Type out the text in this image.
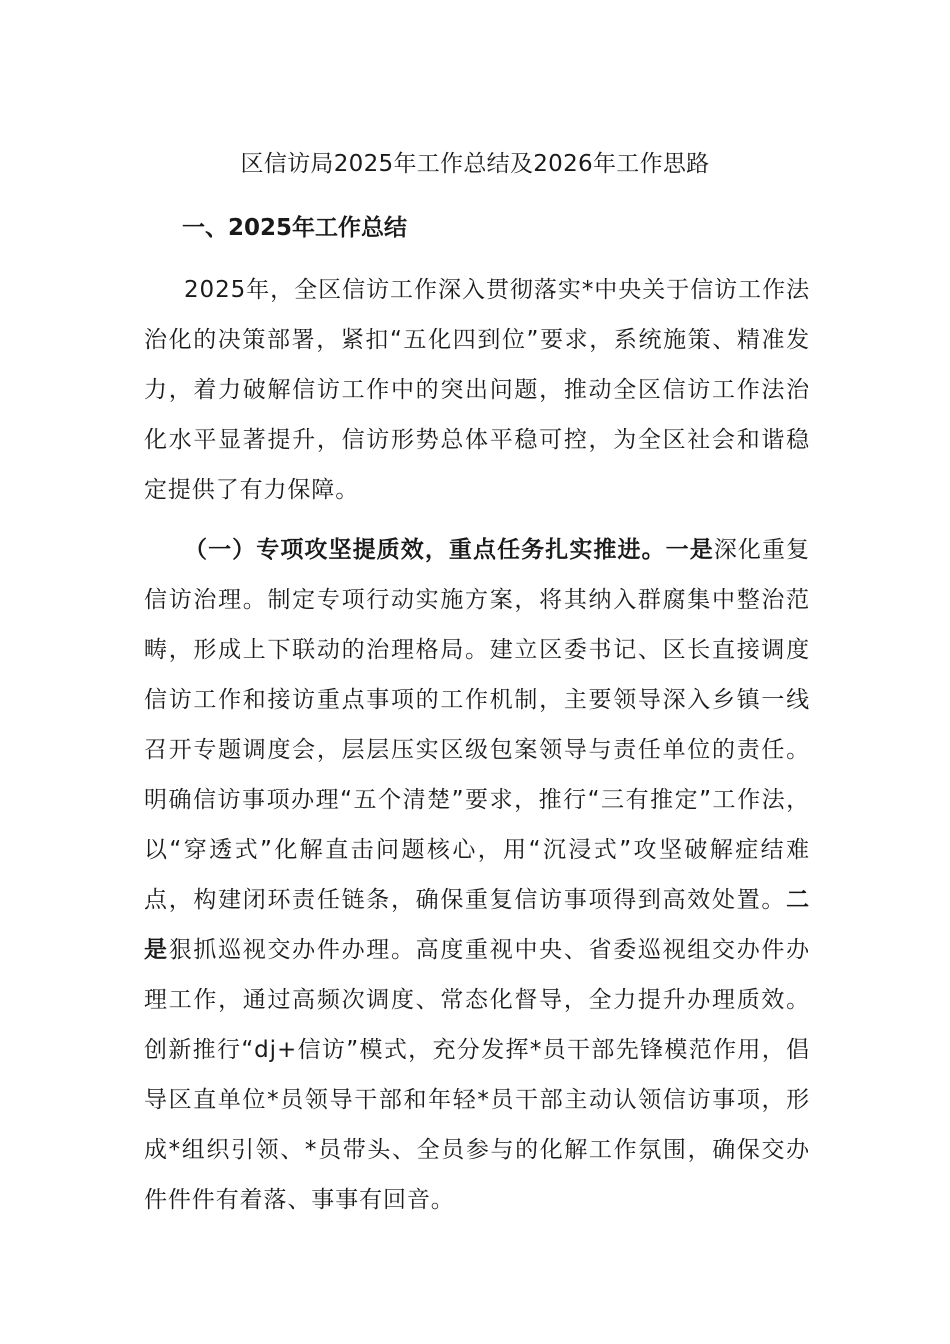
区信访局2025年工作总结及2026年工作思路
一、2025年工作总结

2025年，全区信访工作深入贯彻落实*中央关于信访工作法治化的决策部署，紧扣“五化四到位”要求，系统施策、精准发力，着力破解信访工作中的突出问题，推动全区信访工作法治化水平显著提升，信访形势总体平稳可控，为全区社会和谐稳定提供了有力保障。

（一）专项攻坚提质效，重点任务扎实推进。一是深化重复信访治理。制定专项行动实施方案，将其纳入群腐集中整治范畴，形成上下联动的治理格局。建立区委书记、区长直接调度信访工作和接访重点事项的工作机制，主要领导深入乡镇一线召开专题调度会，层层压实区级包案领导与责任单位的责任。明确信访事项办理“五个清楚”要求，推行“三有推定”工作法，以“穿透式”化解直击问题核心，用“沉浸式”攻坚破解症结难点，构建闭环责任链条，确保重复信访事项得到高效处置。二是狠抓巡视交办件办理。高度重视中央、省委巡视组交办件办理工作，通过高频次调度、常态化督导，全力提升办理质效。创新推行“dj+信访”模式，充分发挥*员干部先锋模范作用，倡导区直单位*员领导干部和年轻*员干部主动认领信访事项，形成*组织引领、*员带头、全员参与的化解工作氛围，确保交办件件件有着落、事事有回音。
